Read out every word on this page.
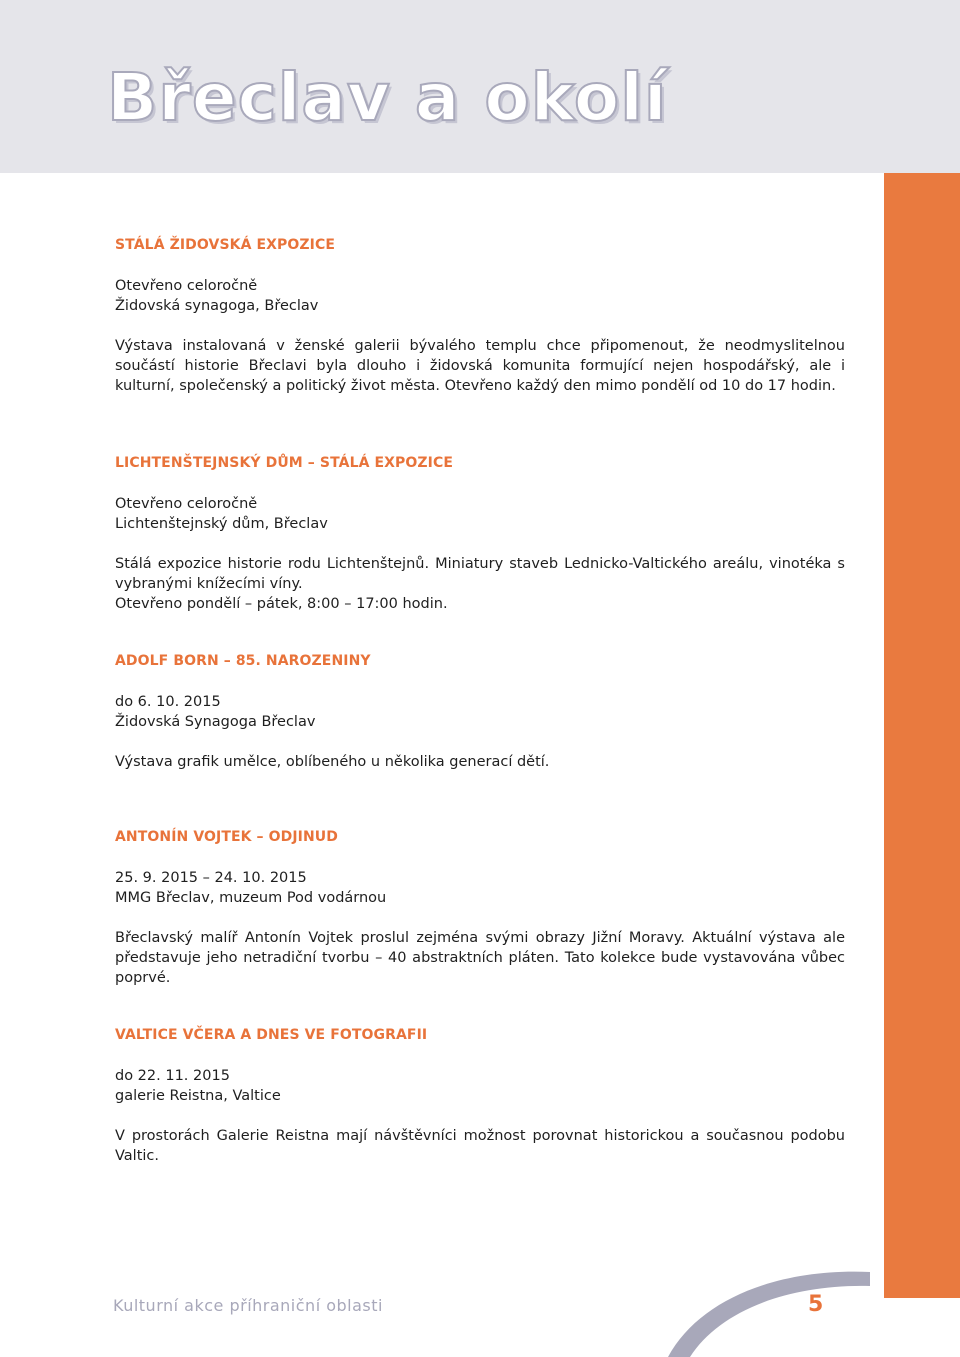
Břeclav a okolí
STÁLÁ ŽIDOVSKÁ EXPOZICE

Otevřeno celoročně

Židovská synagoga, Břeclav

Výstava instalovaná v ženské galerii bývalého templu chce připomenout, že neodmyslitelnou součástí historie Břeclavi byla dlouho i židovská komunita formující nejen hospodářský, ale i kulturní, společenský a politický život města. Otevřeno každý den mimo pondělí od 10 do 17 hodin.

LICHTENŠTEJNSKÝ DŮM – STÁLÁ EXPOZICE

Otevřeno celoročně

Lichtenštejnský dům, Břeclav

Stálá expozice historie rodu Lichtenštejnů. Miniatury staveb Lednicko-Valtického areálu, vinotéka s vybranými knížecími víny.

Otevřeno pondělí – pátek, 8:00 – 17:00 hodin.

ADOLF BORN – 85. NAROZENINY

do 6. 10. 2015

Židovská Synagoga Břeclav

Výstava grafik umělce, oblíbeného u několika generací dětí.

ANTONÍN VOJTEK – ODJINUD

25. 9. 2015 – 24. 10. 2015

MMG Břeclav, muzeum Pod vodárnou

Břeclavský malíř Antonín Vojtek proslul zejména svými obrazy Jižní Moravy. Aktuální výstava ale představuje jeho netradiční tvorbu – 40 abstraktních pláten. Tato kolekce bude vystavována vůbec poprvé.

VALTICE VČERA A DNES VE FOTOGRAFII

do 22. 11. 2015

galerie Reistna, Valtice

V prostorách Galerie Reistna mají návštěvníci možnost porovnat historickou a současnou podobu Valtic.

Kulturní akce příhraniční oblasti	5
